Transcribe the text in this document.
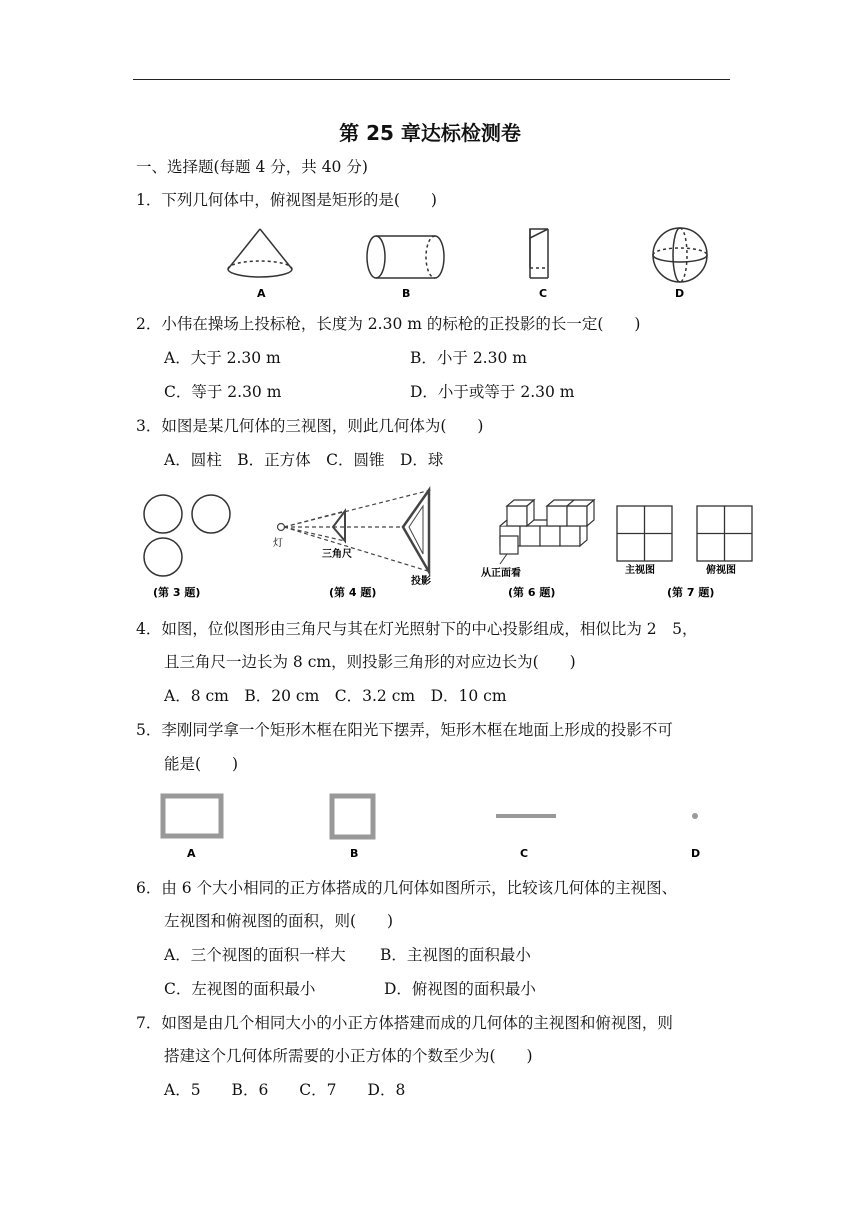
第 25 章达标检测卷
一、选择题(每题 4 分，共 40 分)
1．下列几何体中，俯视图是矩形的是(　　)
A	B	C	D
2．小伟在操场上投标枪，长度为 2.30 m 的标枪的正投影的长一定(　　)
A．大于 2.30 m	B．小于 2.30 m
C．等于 2.30 m	D．小于或等于 2.30 m
3．如图是某几何体的三视图，则此几何体为(　　)
A．圆柱　B．正方体　C．圆锥　D．球
(第 3 题)
灯
三角尺
投影
(第 4 题)
从正面看
(第 6 题)
主视图	俯视图
(第 7 题)
4．如图，位似图形由三角尺与其在灯光照射下的中心投影组成，相似比为 2　5，
且三角尺一边长为 8 cm，则投影三角形的对应边长为(　　)
A．8 cm　B．20 cm　C．3.2 cm　D．10 cm
5．李刚同学拿一个矩形木框在阳光下摆弄，矩形木框在地面上形成的投影不可
能是(　　)
A	B	C	D
6．由 6 个大小相同的正方体搭成的几何体如图所示，比较该几何体的主视图、
左视图和俯视图的面积，则(　　)
A．三个视图的面积一样大 B．主视图的面积最小
C．左视图的面积最小	D．俯视图的面积最小
7．如图是由几个相同大小的小正方体搭建而成的几何体的主视图和俯视图，则
搭建这个几何体所需要的小正方体的个数至少为(　　)
A．5　　B．6　　C．7　　D．8
